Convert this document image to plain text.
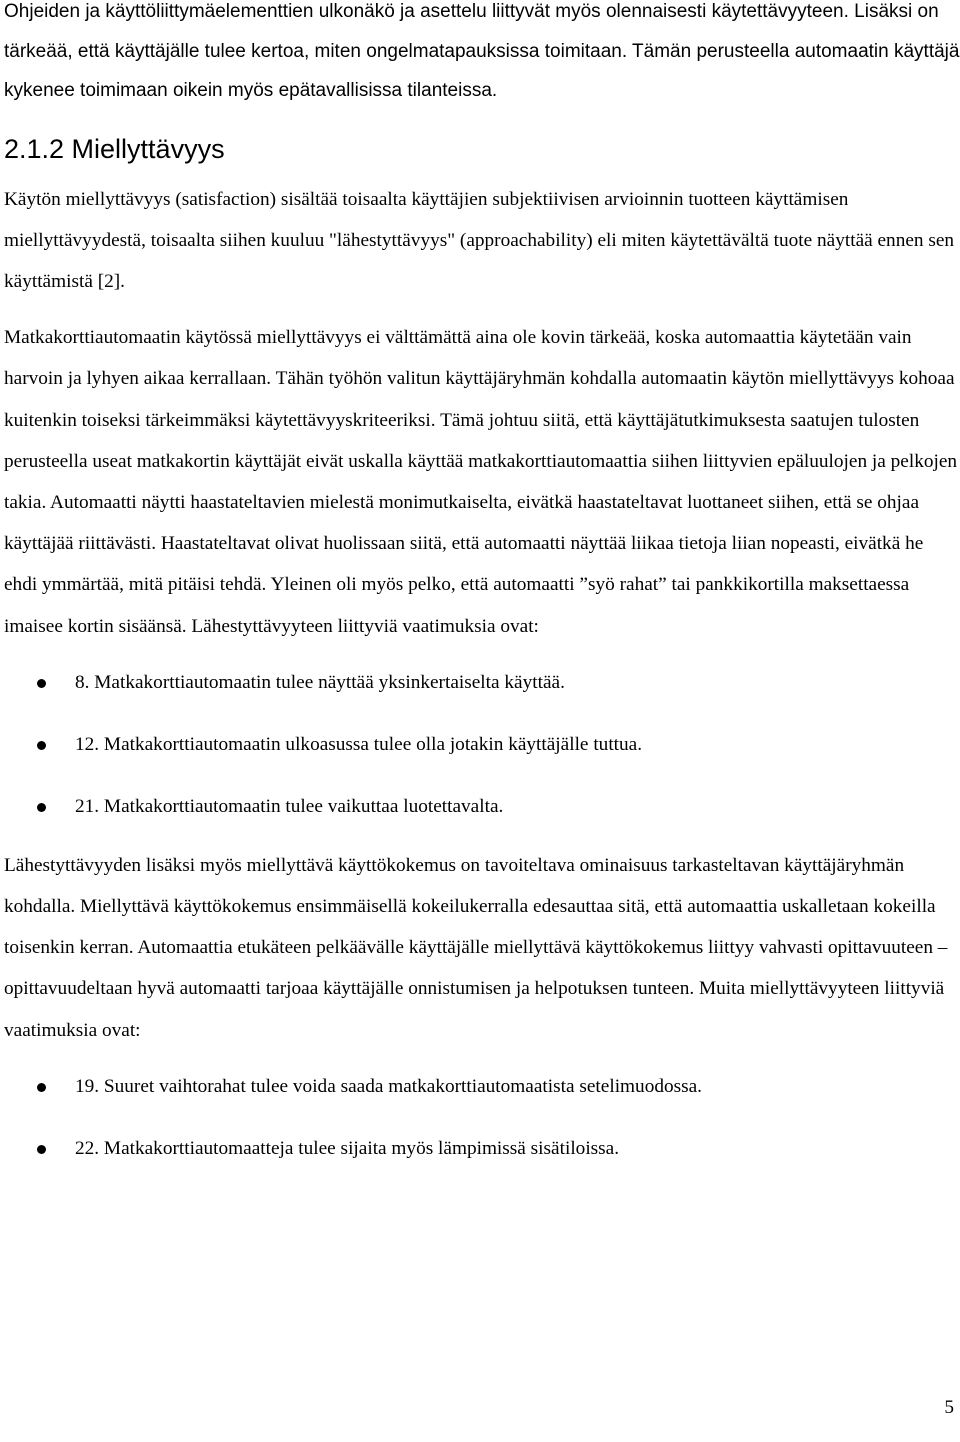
Ohjeiden ja käyttöliittymäelementtien ulkonäkö ja asettelu liittyvät myös olennaisesti käytettävyyteen. Lisäksi on tärkeää, että käyttäjälle tulee kertoa, miten ongelmatapauksissa toimitaan. Tämän perusteella automaatin käyttäjä kykenee toimimaan oikein myös epätavallisissa tilanteissa.

2.1.2 Miellyttävyys

Käytön miellyttävyys (satisfaction) sisältää toisaalta käyttäjien subjektiivisen arvioinnin tuotteen käyttämisen miellyttävyydestä, toisaalta siihen kuuluu "lähestyttävyys" (approachability) eli miten käytettävältä tuote näyttää ennen sen käyttämistä [2].

Matkakorttiautomaatin käytössä miellyttävyys ei välttämättä aina ole kovin tärkeää, koska automaattia käytetään vain harvoin ja lyhyen aikaa kerrallaan. Tähän työhön valitun käyttäjäryhmän kohdalla automaatin käytön miellyttävyys kohoaa kuitenkin toiseksi tärkeimmäksi käytettävyyskriteeriksi. Tämä johtuu siitä, että käyttäjätutkimuksesta saatujen tulosten perusteella useat matkakortin käyttäjät eivät uskalla käyttää matkakorttiautomaattia siihen liittyvien epäluulojen ja pelkojen takia. Automaatti näytti haastateltavien mielestä monimutkaiselta, eivätkä haastateltavat luottaneet siihen, että se ohjaa käyttäjää riittävästi. Haastateltavat olivat huolissaan siitä, että automaatti näyttää liikaa tietoja liian nopeasti, eivätkä he ehdi ymmärtää, mitä pitäisi tehdä. Yleinen oli myös pelko, että automaatti ”syö rahat” tai pankkikortilla maksettaessa imaisee kortin sisäänsä. Lähestyttävyyteen liittyviä vaatimuksia ovat:

8. Matkakorttiautomaatin tulee näyttää yksinkertaiselta käyttää.
12. Matkakorttiautomaatin ulkoasussa tulee olla jotakin käyttäjälle tuttua.
21. Matkakorttiautomaatin tulee vaikuttaa luotettavalta.

Lähestyttävyyden lisäksi myös miellyttävä käyttökokemus on tavoiteltava ominaisuus tarkasteltavan käyttäjäryhmän kohdalla. Miellyttävä käyttökokemus ensimmäisellä kokeilukerralla edesauttaa sitä, että automaattia uskalletaan kokeilla toisenkin kerran. Automaattia etukäteen pelkäävälle käyttäjälle miellyttävä käyttökokemus liittyy vahvasti opittavuuteen – opittavuudeltaan hyvä automaatti tarjoaa käyttäjälle onnistumisen ja helpotuksen tunteen. Muita miellyttävyyteen liittyviä vaatimuksia ovat:

19. Suuret vaihtorahat tulee voida saada matkakorttiautomaatista setelimuodossa.
22. Matkakorttiautomaatteja tulee sijaita myös lämpimissä sisätiloissa.
5
